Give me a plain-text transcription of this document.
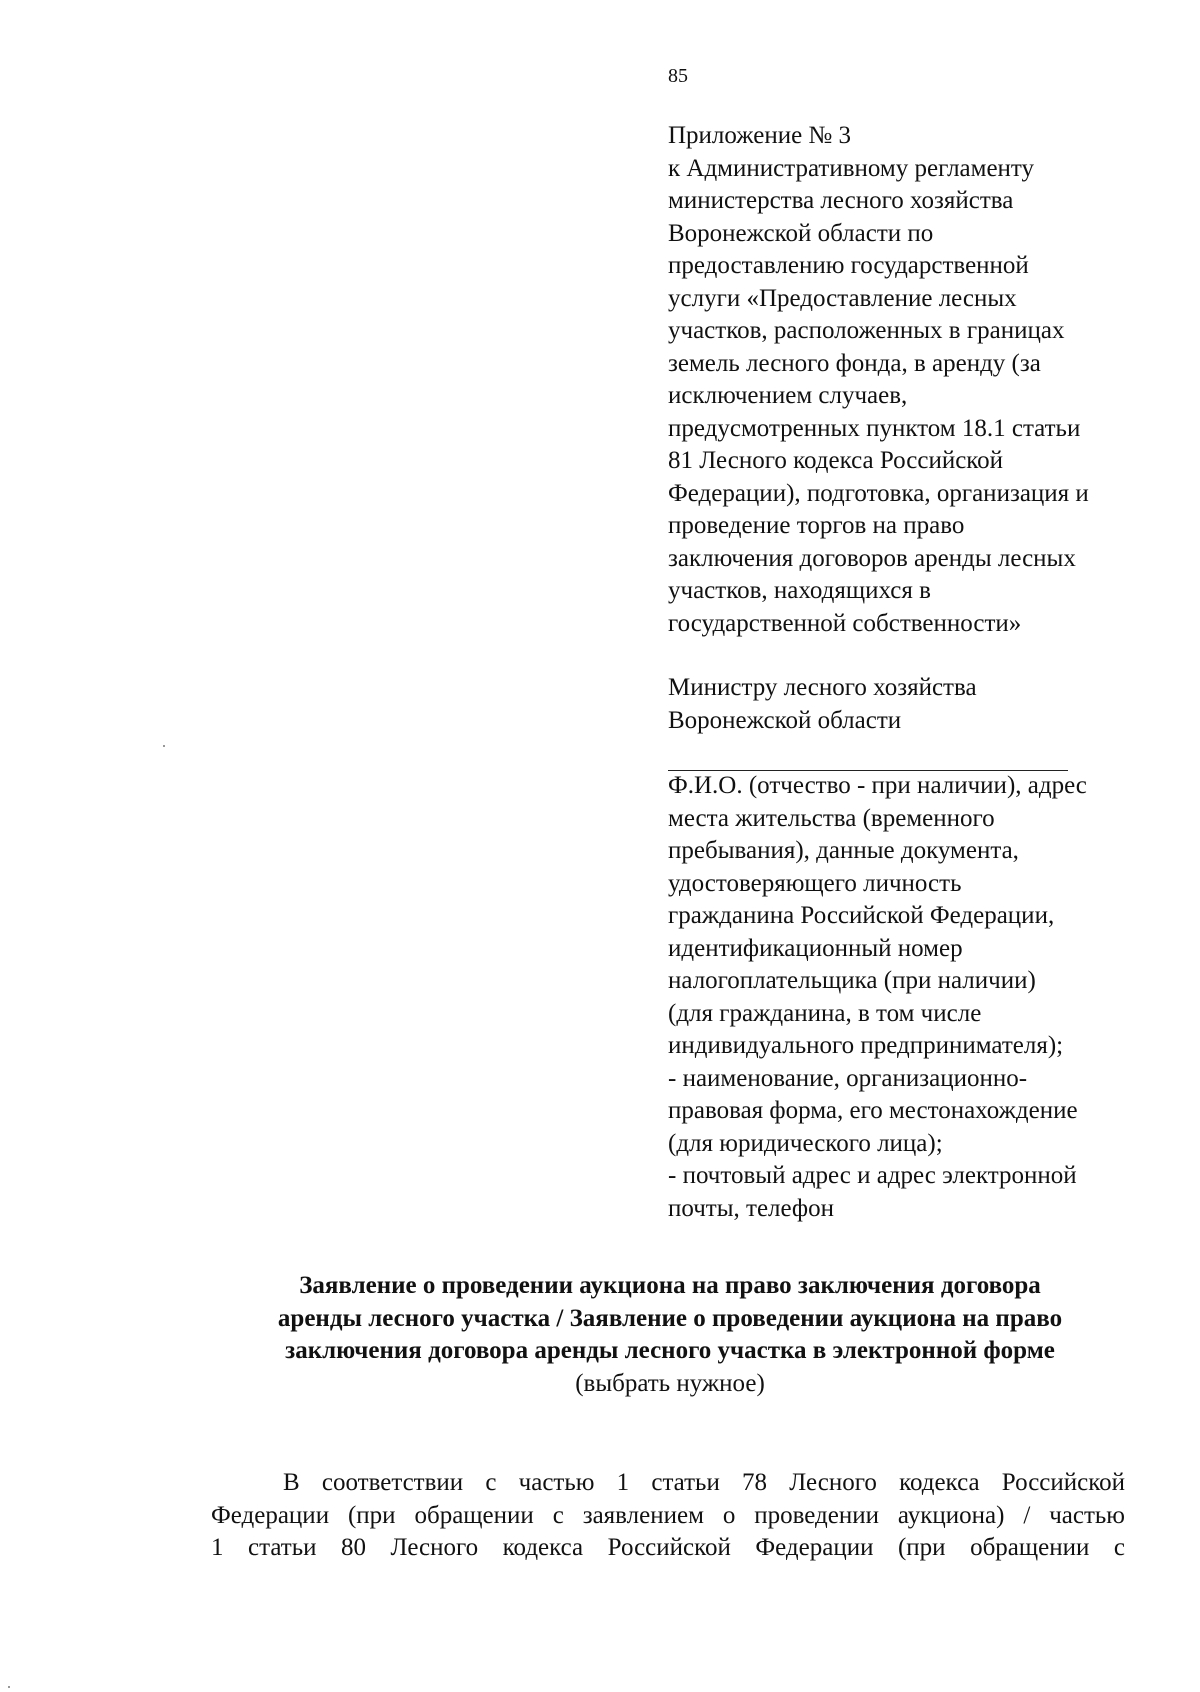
85
Приложение № 3
к Административному регламенту
министерства лесного хозяйства
Воронежской области по
предоставлению государственной
услуги «Предоставление лесных
участков, расположенных в границах
земель лесного фонда, в аренду (за
исключением случаев,
предусмотренных пунктом 18.1 статьи
81 Лесного кодекса Российской
Федерации), подготовка, организация и
проведение торгов на право
заключения договоров аренды лесных
участков, находящихся в
государственной собственности»
Министру лесного хозяйства
Воронежской области
Ф.И.О. (отчество - при наличии), адрес
места жительства (временного
пребывания), данные документа,
удостоверяющего личность
гражданина Российской Федерации,
идентификационный номер
налогоплательщика (при наличии)
(для гражданина, в том числе
индивидуального предпринимателя);
- наименование, организационно-
правовая форма, его местонахождение
(для юридического лица);
- почтовый адрес и адрес электронной
почты, телефон
Заявление о проведении аукциона на право заключения договора
аренды лесного участка / Заявление о проведении аукциона на право
заключения договора аренды лесного участка в электронной форме
(выбрать нужное)
В соответствии с частью 1 статьи 78 Лесного кодекса Российской
Федерации (при обращении с заявлением о проведении аукциона) / частью
1 статьи 80 Лесного кодекса Российской Федерации (при обращении с
